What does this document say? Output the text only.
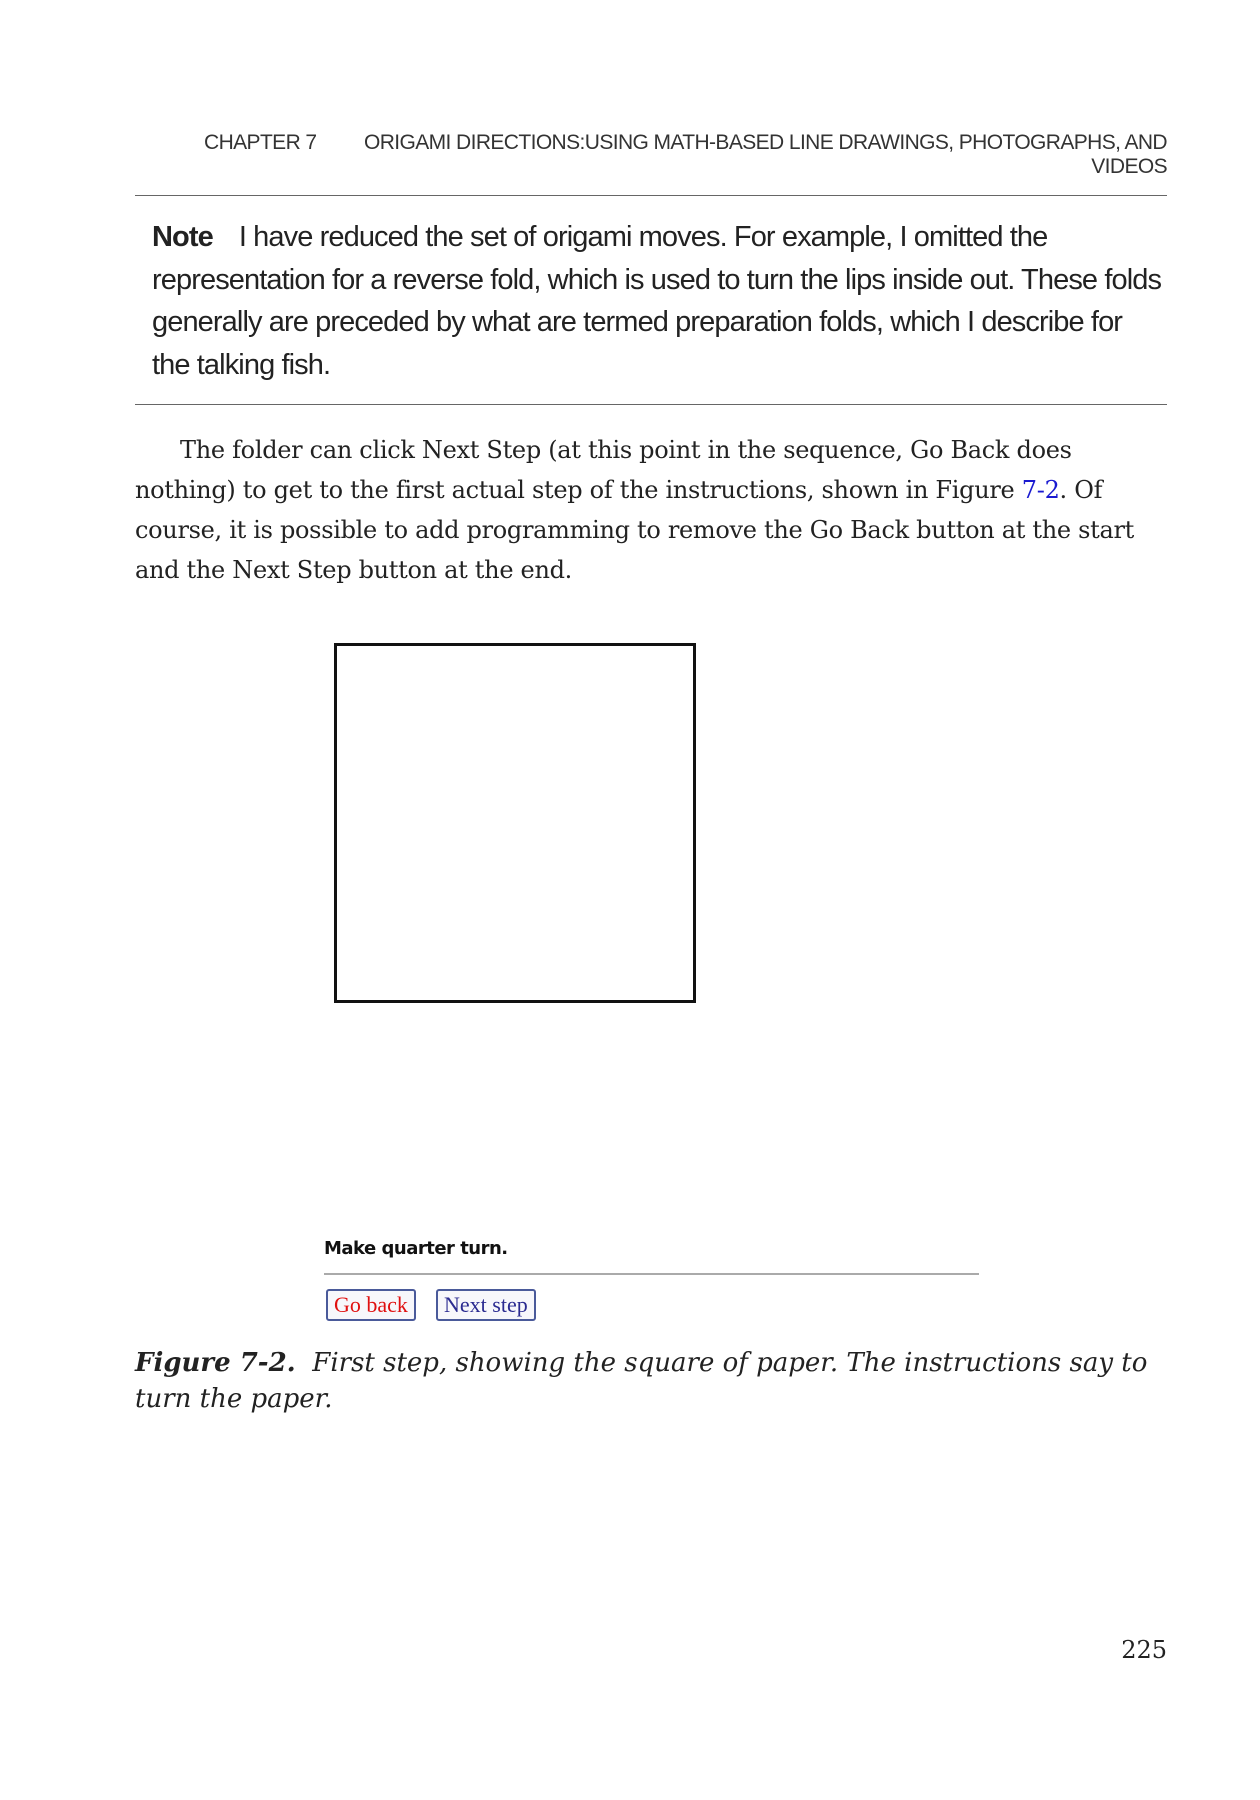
CHAPTER 7	ORIGAMI DIRECTIONS:USING MATH-BASED LINE DRAWINGS, PHOTOGRAPHS, AND VIDEOS
Note I have reduced the set of origami moves. For example, I omitted the representation for a reverse fold, which is used to turn the lips inside out. These folds generally are preceded by what are termed preparation folds, which I describe for the talking fish.
The folder can click Next Step (at this point in the sequence, Go Back does nothing) to get to the first actual step of the instructions, shown in Figure 7-2. Of course, it is possible to add programming to remove the Go Back button at the start and the Next Step button at the end.
Make quarter turn.
Go back	Next step
Figure 7-2. First step, showing the square of paper. The instructions say to turn the paper.
225
